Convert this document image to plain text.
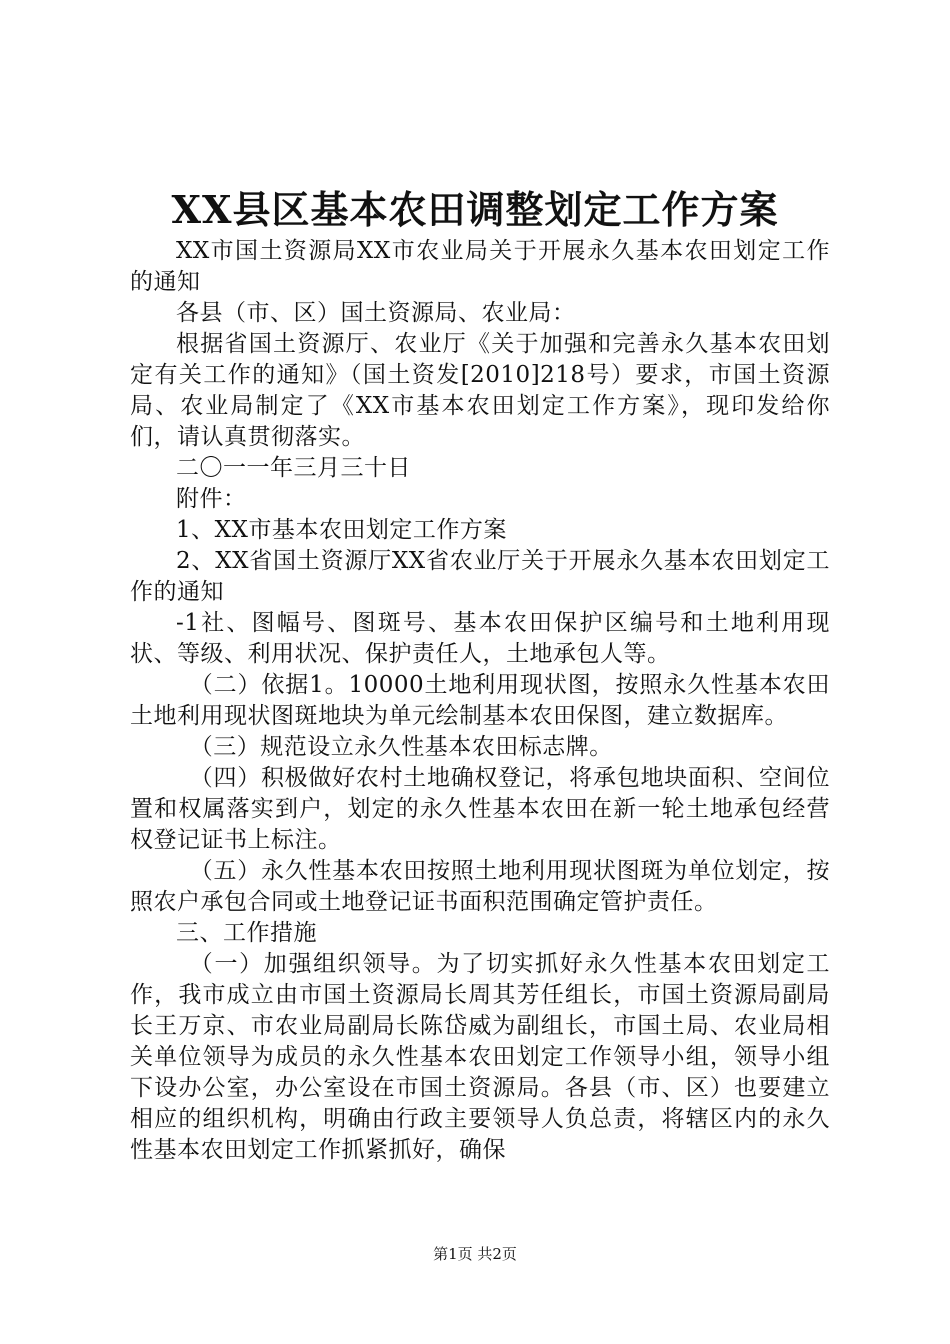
XX县区基本农田调整划定工作方案

XX市国土资源局XX市农业局关于开展永久基本农田划定工作的通知

各县（市、区）国土资源局、农业局：

根据省国土资源厅、农业厅《关于加强和完善永久基本农田划定有关工作的通知》（国土资发[2010]218号）要求，市国土资源局、农业局制定了《XX市基本农田划定工作方案》，现印发给你们，请认真贯彻落实。

二〇一一年三月三十日

附件：

1、XX市基本农田划定工作方案

2、XX省国土资源厅XX省农业厅关于开展永久基本农田划定工作的通知

-1社、图幅号、图斑号、基本农田保护区编号和土地利用现状、等级、利用状况、保护责任人，土地承包人等。

（二）依据1。10000土地利用现状图，按照永久性基本农田土地利用现状图斑地块为单元绘制基本农田保图，建立数据库。

（三）规范设立永久性基本农田标志牌。

（四）积极做好农村土地确权登记，将承包地块面积、空间位置和权属落实到户，划定的永久性基本农田在新一轮土地承包经营权登记证书上标注。

（五）永久性基本农田按照土地利用现状图斑为单位划定，按照农户承包合同或土地登记证书面积范围确定管护责任。

三、工作措施

（一）加强组织领导。为了切实抓好永久性基本农田划定工作，我市成立由市国土资源局长周其芳任组长，市国土资源局副局长王万京、市农业局副局长陈岱威为副组长，市国土局、农业局相关单位领导为成员的永久性基本农田划定工作领导小组，领导小组下设办公室，办公室设在市国土资源局。各县（市、区）也要建立相应的组织机构，明确由行政主要领导人负总责，将辖区内的永久性基本农田划定工作抓紧抓好，确保

第1页 共2页
